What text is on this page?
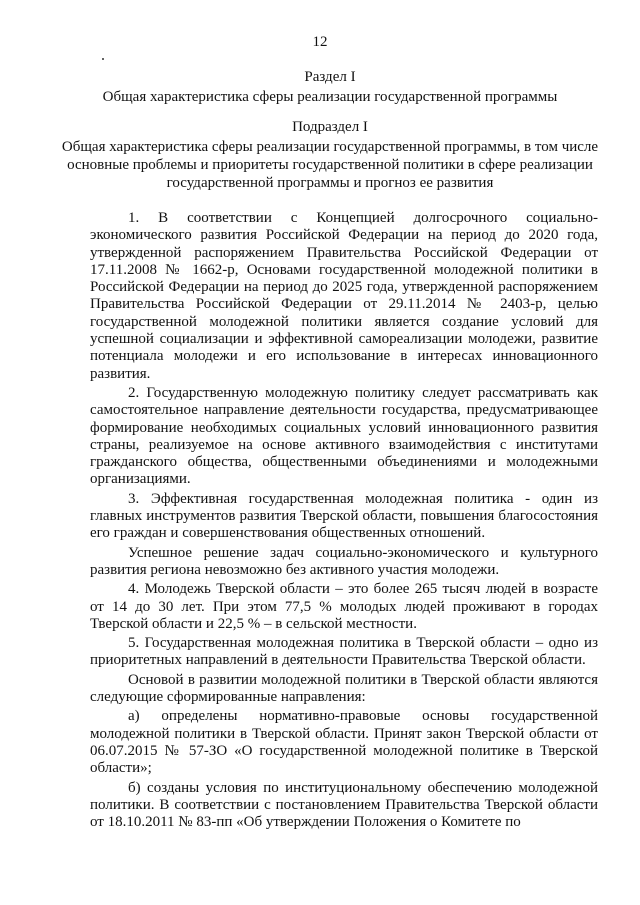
12
Раздел I
Общая характеристика сферы реализации государственной программы
Подраздел I
Общая характеристика сферы реализации государственной программы, в том числе основные проблемы и приоритеты государственной политики в сфере реализации государственной программы и прогноз ее развития

1. В соответствии с Концепцией долгосрочного социально-экономического развития Российской Федерации на период до 2020 года, утвержденной распоряжением Правительства Российской Федерации от 17.11.2008 № 1662-р, Основами государственной молодежной политики в Российской Федерации на период до 2025 года, утвержденной распоряжением Правительства Российской Федерации от 29.11.2014 № 2403-р, целью государственной молодежной политики является создание условий для успешной социализации и эффективной самореализации молодежи, развитие потенциала молодежи и его использование в интересах инновационного развития.

2. Государственную молодежную политику следует рассматривать как самостоятельное направление деятельности государства, предусматривающее формирование необходимых социальных условий инновационного развития страны, реализуемое на основе активного взаимодействия с институтами гражданского общества, общественными объединениями и молодежными организациями.

3. Эффективная государственная молодежная политика - один из главных инструментов развития Тверской области, повышения благосостояния его граждан и совершенствования общественных отношений.

Успешное решение задач социально-экономического и культурного развития региона невозможно без активного участия молодежи.

4. Молодежь Тверской области – это более 265 тысяч людей в возрасте от 14 до 30 лет. При этом 77,5 % молодых людей проживают в городах Тверской области и 22,5 % – в сельской местности.

5. Государственная молодежная политика в Тверской области – одно из приоритетных направлений в деятельности Правительства Тверской области.

Основой в развитии молодежной политики в Тверской области являются следующие сформированные направления:

а) определены нормативно-правовые основы государственной молодежной политики в Тверской области. Принят закон Тверской области от 06.07.2015 № 57-ЗО «О государственной молодежной политике в Тверской области»;

б) созданы условия по институциональному обеспечению молодежной политики. В соответствии с постановлением Правительства Тверской области от 18.10.2011 № 83-пп «Об утверждении Положения о Комитете по
